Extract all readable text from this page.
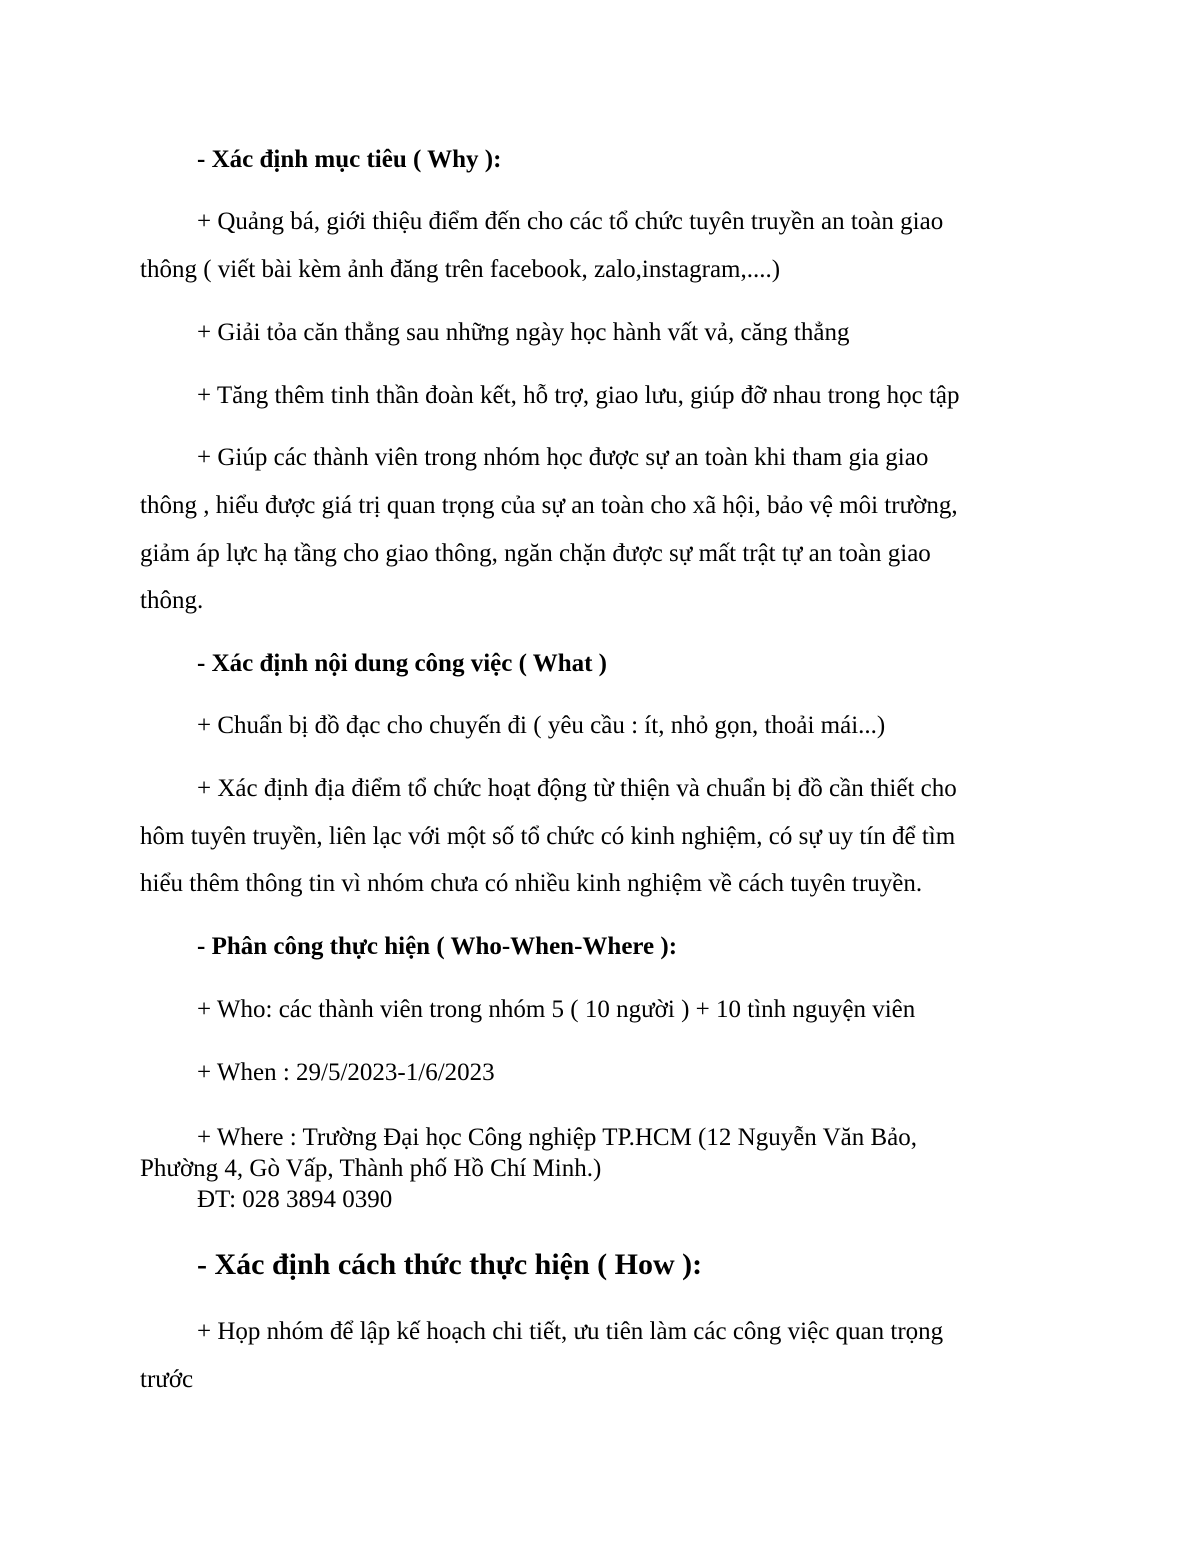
- Xác định mục tiêu ( Why ):
+ Quảng bá, giới thiệu điểm đến cho các tổ chức tuyên truyền an toàn giao
thông ( viết bài kèm ảnh đăng trên facebook, zalo,instagram,....)
+ Giải tỏa căn thẳng sau những ngày học hành vất vả, căng thẳng
+ Tăng thêm tinh thần đoàn kết, hỗ trợ, giao lưu, giúp đỡ nhau trong học tập
+ Giúp các thành viên trong nhóm học được sự an toàn khi tham gia giao
thông , hiểu được giá trị quan trọng của sự an toàn cho xã hội, bảo vệ môi trường,
giảm áp lực hạ tầng cho giao thông, ngăn chặn được sự mất trật tự an toàn giao
thông.
- Xác định nội dung công việc ( What )
+ Chuẩn bị đồ đạc cho chuyến đi ( yêu cầu : ít, nhỏ gọn, thoải mái...)
+ Xác định địa điểm tổ chức hoạt động từ thiện và chuẩn bị đồ cần thiết cho
hôm tuyên truyền, liên lạc với một số tổ chức có kinh nghiệm, có sự uy tín để tìm
hiểu thêm thông tin vì nhóm chưa có nhiều kinh nghiệm về cách tuyên truyền.
- Phân công thực hiện ( Who-When-Where ):
+ Who: các thành viên trong nhóm 5 ( 10 người ) + 10 tình nguyện viên
+ When : 29/5/2023-1/6/2023
+ Where : Trường Đại học Công nghiệp TP.HCM (12 Nguyễn Văn Bảo,
Phường 4, Gò Vấp, Thành phố Hồ Chí Minh.)
ĐT: 028 3894 0390
- Xác định cách thức thực hiện ( How ):
+ Họp nhóm để lập kế hoạch chi tiết, ưu tiên làm các công việc quan trọng
trước
